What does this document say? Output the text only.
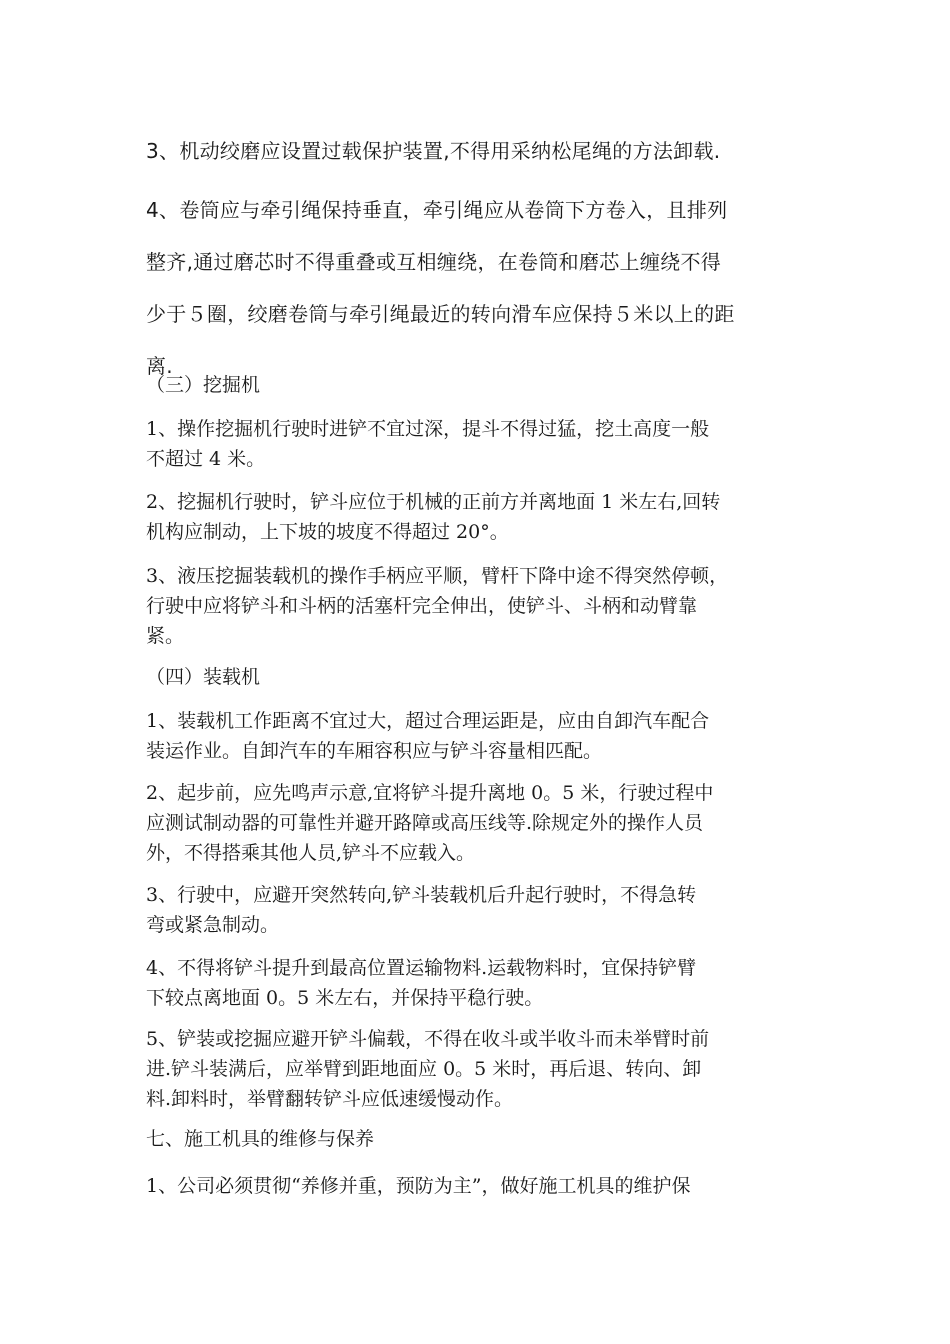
3、机动绞磨应设置过载保护装置,不得用采纳松尾绳的方法卸载.

4、卷筒应与牵引绳保持垂直，牵引绳应从卷筒下方卷入，且排列
整齐,通过磨芯时不得重叠或互相缠绕，在卷筒和磨芯上缠绕不得
少于５圈，绞磨卷筒与牵引绳最近的转向滑车应保持５米以上的距
离.

（三）挖掘机

1、操作挖掘机行驶时进铲不宜过深，提斗不得过猛，挖土高度一般
不超过 4 米。

2、挖掘机行驶时，铲斗应位于机械的正前方并离地面 1 米左右,回转
机构应制动，上下坡的坡度不得超过 20°。

3、液压挖掘装载机的操作手柄应平顺，臂杆下降中途不得突然停顿，
行驶中应将铲斗和斗柄的活塞杆完全伸出，使铲斗、斗柄和动臂靠
紧。

（四）装载机

1、装载机工作距离不宜过大，超过合理运距是，应由自卸汽车配合
装运作业。自卸汽车的车厢容积应与铲斗容量相匹配。

2、起步前，应先鸣声示意,宜将铲斗提升离地 0。5 米，行驶过程中
应测试制动器的可靠性并避开路障或高压线等.除规定外的操作人员
外，不得搭乘其他人员,铲斗不应载入。

3、行驶中，应避开突然转向,铲斗装载机后升起行驶时，不得急转
弯或紧急制动。

4、不得将铲斗提升到最高位置运输物料.运载物料时，宜保持铲臂
下较点离地面 0。5 米左右，并保持平稳行驶。

5、铲装或挖掘应避开铲斗偏载，不得在收斗或半收斗而未举臂时前
进.铲斗装满后，应举臂到距地面应 0。5 米时，再后退、转向、卸
料.卸料时，举臂翻转铲斗应低速缓慢动作。

七、施工机具的维修与保养

1、公司必须贯彻“养修并重，预防为主”，做好施工机具的维护保
